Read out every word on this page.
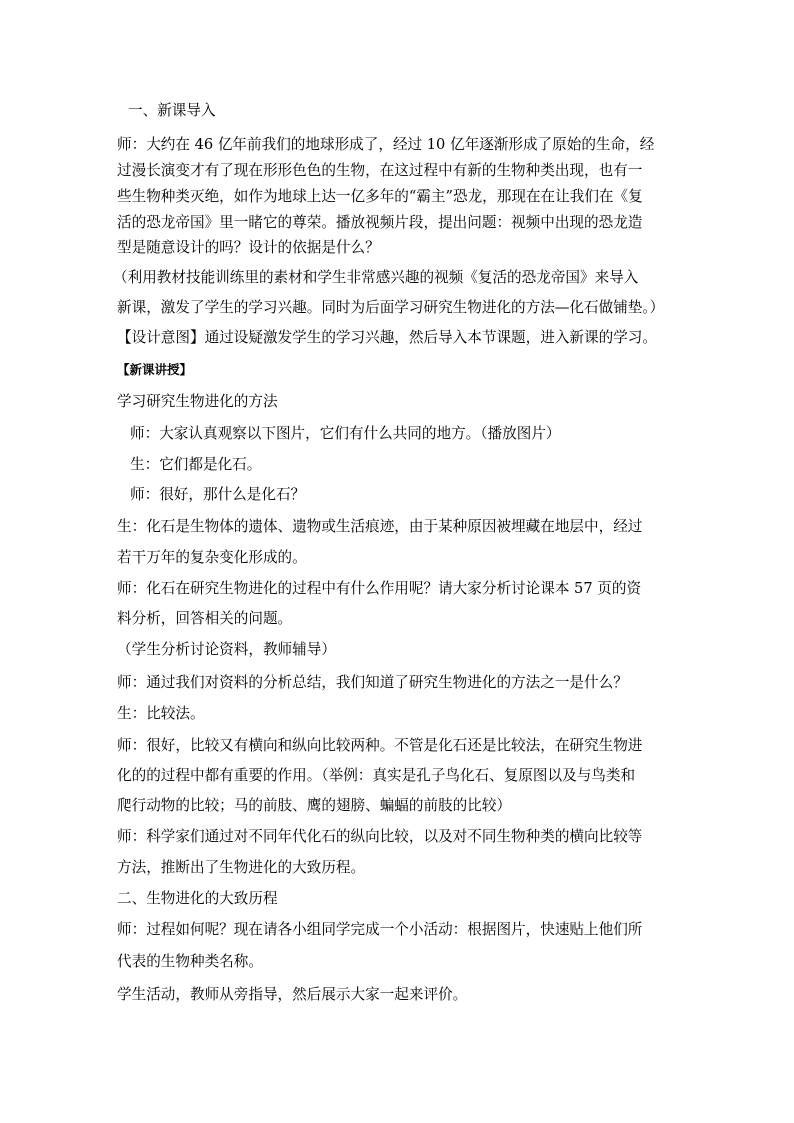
一、新课导入
师：大约在 46 亿年前我们的地球形成了，经过 10 亿年逐渐形成了原始的生命，经
过漫长演变才有了现在形形色色的生物，在这过程中有新的生物种类出现，也有一
些生物种类灭绝，如作为地球上达一亿多年的“霸主”恐龙，那现在在让我们在《复
活的恐龙帝国》里一睹它的尊荣。播放视频片段，提出问题：视频中出现的恐龙造
型是随意设计的吗？设计的依据是什么？
（利用教材技能训练里的素材和学生非常感兴趣的视频《复活的恐龙帝国》来导入
新课，激发了学生的学习兴趣。同时为后面学习研究生物进化的方法—化石做铺垫。）
【设计意图】通过设疑激发学生的学习兴趣，然后导入本节课题，进入新课的学习。
【新课讲授】
学习研究生物进化的方法
师：大家认真观察以下图片，它们有什么共同的地方。（播放图片）
生：它们都是化石。
师：很好，那什么是化石？
生：化石是生物体的遗体、遗物或生活痕迹，由于某种原因被埋藏在地层中，经过
若干万年的复杂变化形成的。
师：化石在研究生物进化的过程中有什么作用呢？请大家分析讨论课本 57 页的资
料分析，回答相关的问题。
（学生分析讨论资料，教师辅导）
师：通过我们对资料的分析总结，我们知道了研究生物进化的方法之一是什么？
生：比较法。
师：很好，比较又有横向和纵向比较两种。不管是化石还是比较法，在研究生物进
化的的过程中都有重要的作用。（举例：真实是孔子鸟化石、复原图以及与鸟类和
爬行动物的比较；马的前肢、鹰的翅膀、蝙蝠的前肢的比较）
师：科学家们通过对不同年代化石的纵向比较，以及对不同生物种类的横向比较等
方法，推断出了生物进化的大致历程。
二、生物进化的大致历程
师：过程如何呢？现在请各小组同学完成一个小活动：根据图片，快速贴上他们所
代表的生物种类名称。
学生活动，教师从旁指导，然后展示大家一起来评价。
